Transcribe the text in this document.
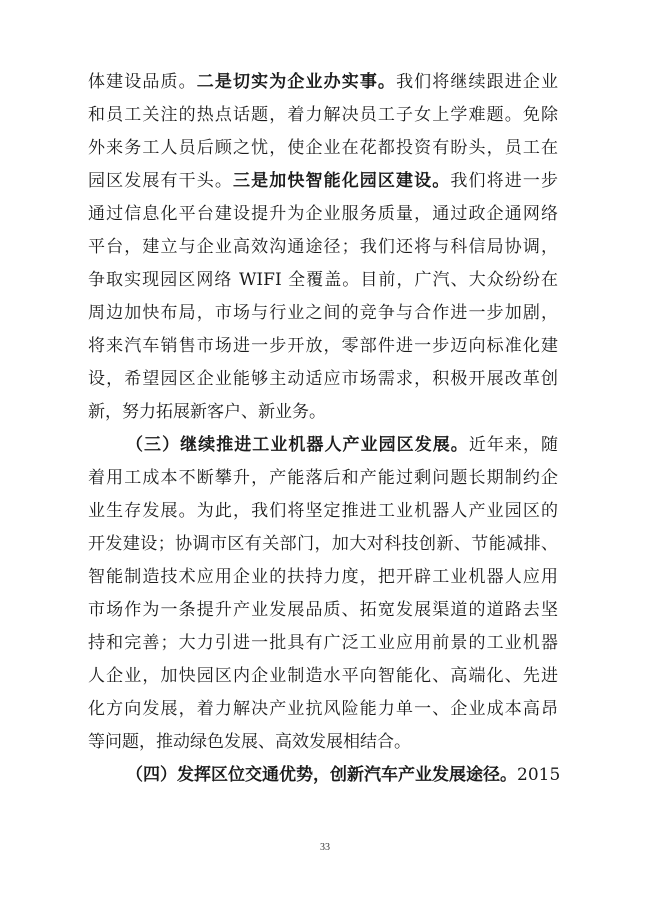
体建设品质。二是切实为企业办实事。我们将继续跟进企业
和员工关注的热点话题，着力解决员工子女上学难题。免除
外来务工人员后顾之忧，使企业在花都投资有盼头，员工在
园区发展有干头。三是加快智能化园区建设。我们将进一步
通过信息化平台建设提升为企业服务质量，通过政企通网络
平台，建立与企业高效沟通途径；我们还将与科信局协调，
争取实现园区网络 WIFI 全覆盖。目前，广汽、大众纷纷在
周边加快布局，市场与行业之间的竞争与合作进一步加剧，
将来汽车销售市场进一步开放，零部件进一步迈向标准化建
设，希望园区企业能够主动适应市场需求，积极开展改革创
新，努力拓展新客户、新业务。
（三）继续推进工业机器人产业园区发展。近年来，随
着用工成本不断攀升，产能落后和产能过剩问题长期制约企
业生存发展。为此，我们将坚定推进工业机器人产业园区的
开发建设；协调市区有关部门，加大对科技创新、节能减排、
智能制造技术应用企业的扶持力度，把开辟工业机器人应用
市场作为一条提升产业发展品质、拓宽发展渠道的道路去坚
持和完善；大力引进一批具有广泛工业应用前景的工业机器
人企业，加快园区内企业制造水平向智能化、高端化、先进
化方向发展，着力解决产业抗风险能力单一、企业成本高昂
等问题，推动绿色发展、高效发展相结合。
（四）发挥区位交通优势，创新汽车产业发展途径。2015
33
